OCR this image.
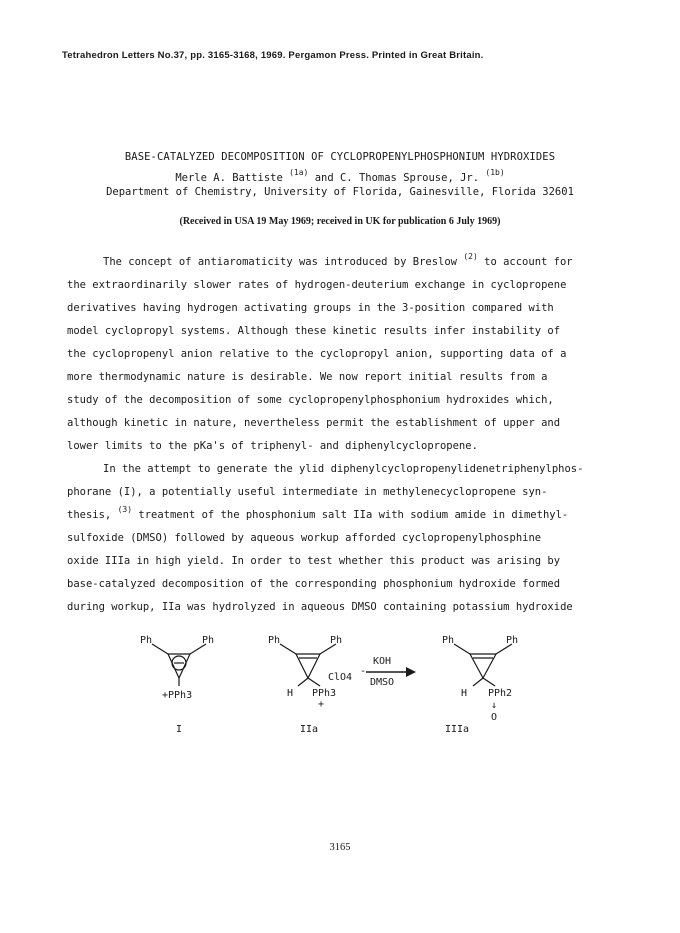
Tetrahedron Letters No.37, pp. 3165-3168, 1969. Pergamon Press. Printed in Great Britain.
BASE-CATALYZED DECOMPOSITION OF CYCLOPROPENYLPHOSPHONIUM HYDROXIDES
Merle A. Battiste $^{(1a)}$ and C. Thomas Sprouse, Jr. $^{(1b)}$
Department of Chemistry, University of Florida, Gainesville, Florida 32601
(Received in USA 19 May 1969; received in UK for publication 6 July 1969)
The concept of antiaromaticity was introduced by Breslow $^{(2)}$ to account for
the extraordinarily slower rates of hydrogen-deuterium exchange in cyclopropene
derivatives having hydrogen activating groups in the 3-position compared with
model cyclopropyl systems. Although these kinetic results infer instability of
the cyclopropenyl anion relative to the cyclopropyl anion, supporting data of a
more thermodynamic nature is desirable. We now report initial results from a
study of the decomposition of some cyclopropenylphosphonium hydroxides which,
although kinetic in nature, nevertheless permit the establishment of upper and
lower limits to the pKa's of triphenyl- and diphenylcyclopropene.
In the attempt to generate the ylid diphenylcyclopropenylidenetriphenylphos-
phorane (I), a potentially useful intermediate in methylenecyclopropene syn-
thesis, $^{(3)}$ treatment of the phosphonium salt IIa with sodium amide in dimethyl-
sulfoxide (DMSO) followed by aqueous workup afforded cyclopropenylphosphine
oxide IIIa in high yield. In order to test whether this product was arising by
base-catalyzed decomposition of the corresponding phosphonium hydroxide formed
during workup, IIa was hydrolyzed in aqueous DMSO containing potassium hydroxide
Ph	Ph
+PPh3
I
Ph	Ph
H PPh3
+
ClO4
-
IIa
KOH
DMSO
Ph	Ph
H PPh2
↓
O
IIIa
3165
